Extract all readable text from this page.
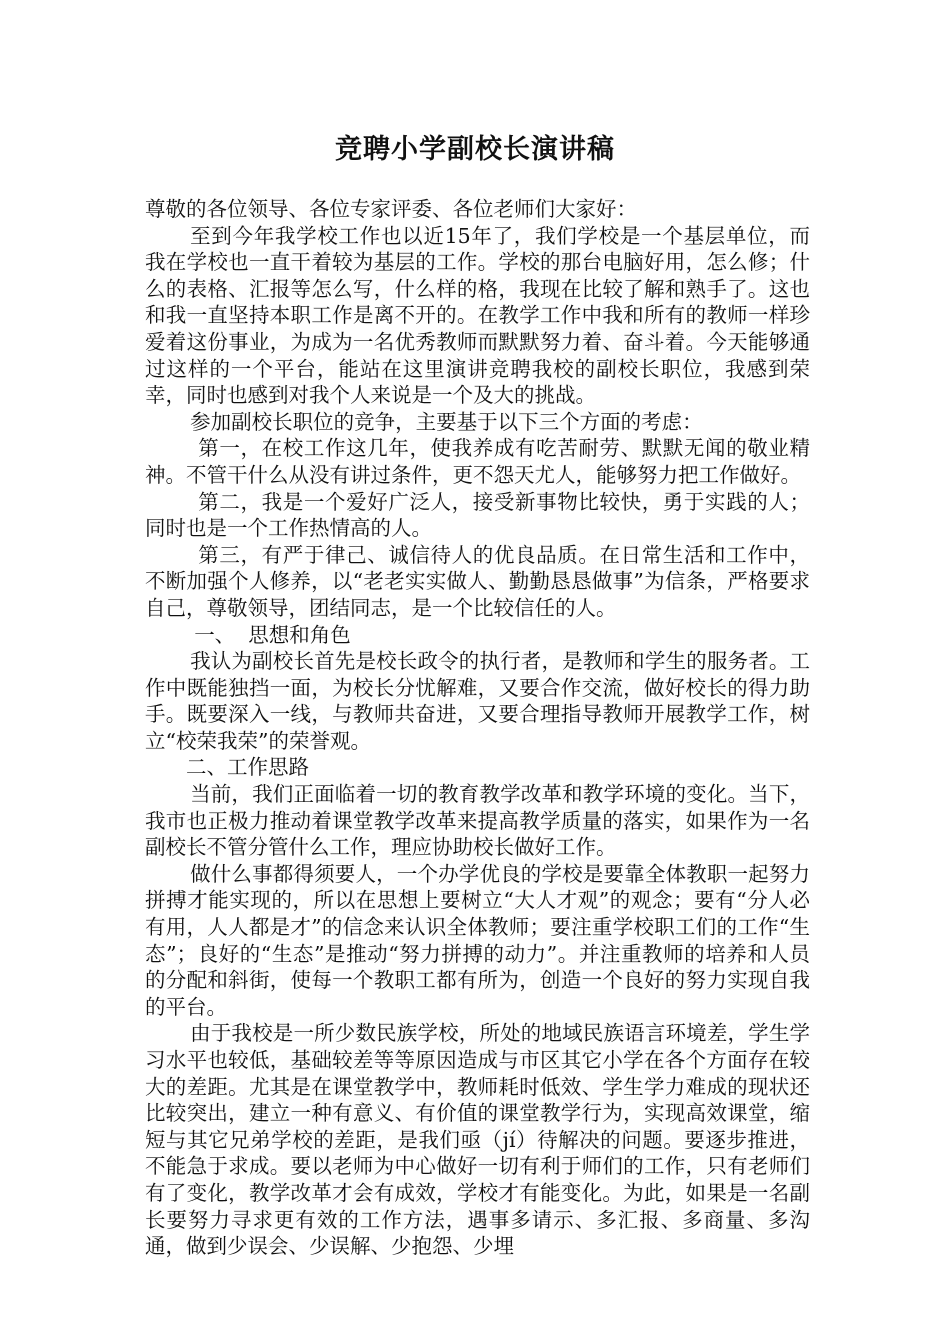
竞聘小学副校长演讲稿

尊敬的各位领导、各位专家评委、各位老师们大家好：

至到今年我学校工作也以近15年了，我们学校是一个基层单位，而我在学校也一直干着较为基层的工作。学校的那台电脑好用，怎么修；什么的表格、汇报等怎么写，什么样的格，我现在比较了解和熟手了。这也和我一直坚持本职工作是离不开的。在教学工作中我和所有的教师一样珍爱着这份事业，为成为一名优秀教师而默默努力着、奋斗着。今天能够通过这样的一个平台，能站在这里演讲竞聘我校的副校长职位，我感到荣幸，同时也感到对我个人来说是一个及大的挑战。

参加副校长职位的竞争，主要基于以下三个方面的考虑：

第一，在校工作这几年，使我养成有吃苦耐劳、默默无闻的敬业精神。不管干什么从没有讲过条件，更不怨天尤人，能够努力把工作做好。

第二，我是一个爱好广泛人，接受新事物比较快，勇于实践的人；同时也是一个工作热情高的人。

第三，有严于律己、诚信待人的优良品质。在日常生活和工作中，不断加强个人修养，以“老老实实做人、勤勤恳恳做事”为信条，严格要求自己，尊敬领导，团结同志，是一个比较信任的人。

一、  思想和角色

我认为副校长首先是校长政令的执行者，是教师和学生的服务者。工作中既能独挡一面，为校长分忧解难，又要合作交流，做好校长的得力助手。既要深入一线，与教师共奋进，又要合理指导教师开展教学工作，树立“校荣我荣”的荣誉观。

二、工作思路

当前，我们正面临着一切的教育教学改革和教学环境的变化。当下，我市也正极力推动着课堂教学改革来提高教学质量的落实，如果作为一名副校长不管分管什么工作，理应协助校长做好工作。

做什么事都得须要人，一个办学优良的学校是要靠全体教职一起努力拼搏才能实现的，所以在思想上要树立“大人才观”的观念；要有“分人必有用，人人都是才”的信念来认识全体教师；要注重学校职工们的工作“生态”；良好的“生态”是推动“努力拼搏的动力”。并注重教师的培养和人员的分配和斜街，使每一个教职工都有所为，创造一个良好的努力实现自我的平台。

由于我校是一所少数民族学校，所处的地域民族语言环境差，学生学习水平也较低，基础较差等等原因造成与市区其它小学在各个方面存在较大的差距。尤其是在课堂教学中，教师耗时低效、学生学力难成的现状还比较突出，建立一种有意义、有价值的课堂教学行为，实现高效课堂，缩短与其它兄弟学校的差距，是我们亟（jí）待解决的问题。要逐步推进，不能急于求成。要以老师为中心做好一切有利于师们的工作，只有老师们有了变化，教学改革才会有成效，学校才有能变化。为此，如果是一名副长要努力寻求更有效的工作方法，遇事多请示、多汇报、多商量、多沟通，做到少误会、少误解、少抱怨、少埋
